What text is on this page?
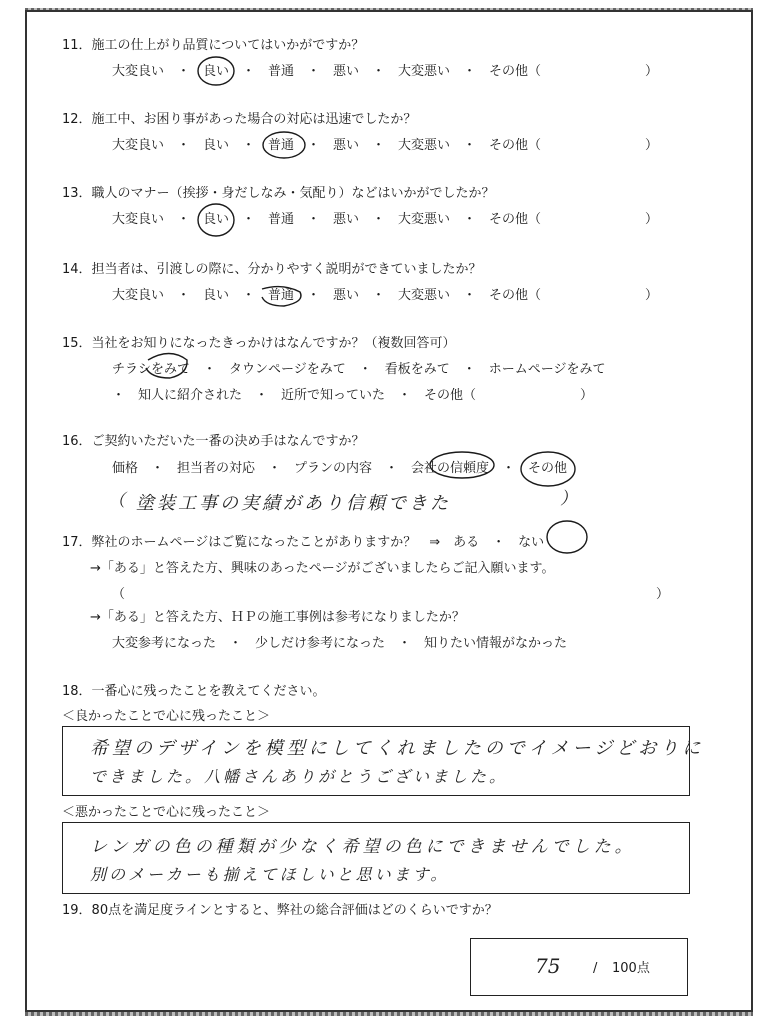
11．施工の仕上がり品質についてはいかがですか？
大変良い　・　良い　・　普通　・　悪い　・　大変悪い　・　その他（　　　　　　　　）
12．施工中、お困り事があった場合の対応は迅速でしたか？
大変良い　・　良い　・　普通　・　悪い　・　大変悪い　・　その他（　　　　　　　　）
13．職人のマナー（挨拶・身だしなみ・気配り）などはいかがでしたか？
大変良い　・　良い　・　普通　・　悪い　・　大変悪い　・　その他（　　　　　　　　）
14．担当者は、引渡しの際に、分かりやすく説明ができていましたか？
大変良い　・　良い　・　普通　・　悪い　・　大変悪い　・　その他（　　　　　　　　）
15．当社をお知りになったきっかけはなんですか？（複数回答可）
チラシをみて　・　タウンページをみて　・　看板をみて　・　ホームページをみて
・　知人に紹介された　・　近所で知っていた　・　その他（　　　　　　　　）
16．ご契約いただいた一番の決め手はなんですか？
価格　・　担当者の対応　・　プランの内容　・　会社の信頼度　・　その他
（ 塗装工事の実績があり信頼できた	）
17．弊社のホームページはご覧になったことがありますか？　⇒　ある　・　ない
→「ある」と答えた方、興味のあったページがございましたらご記入願います。
（	）
→「ある」と答えた方、ＨＰの施工事例は参考になりましたか？
大変参考になった　・　少しだけ参考になった　・　知りたい情報がなかった
18．一番心に残ったことを教えてください。
＜良かったことで心に残ったこと＞
希望のデザインを模型にしてくれましたのでイメージどおりに
できました。八幡さんありがとうございました。
＜悪かったことで心に残ったこと＞
レンガの色の種類が少なく希望の色にできませんでした。
別のメーカーも揃えてほしいと思います。
19．80点を満足度ラインとすると、弊社の総合評価はどのくらいですか？
75	/ 100点
